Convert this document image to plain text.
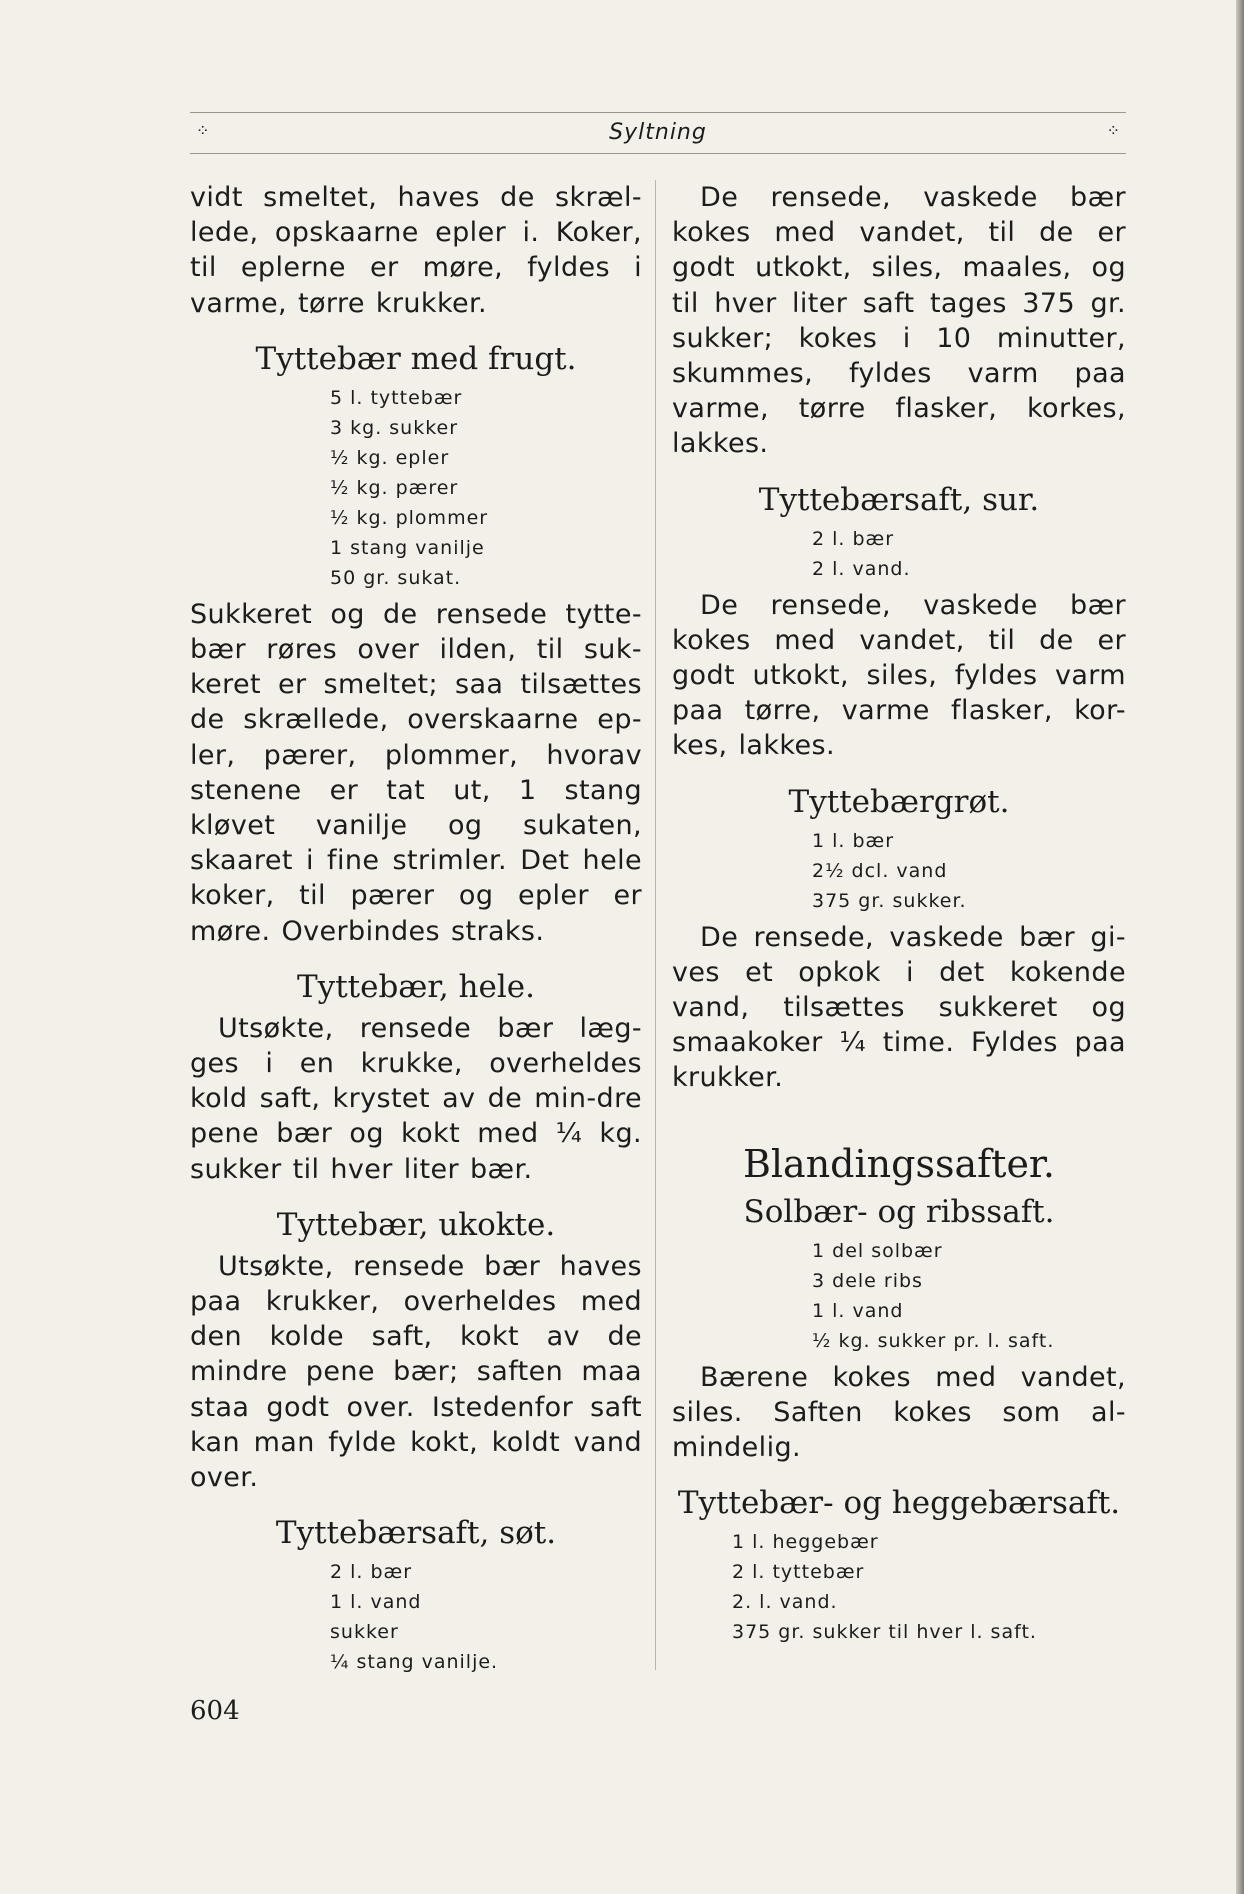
⁘	Syltning	⁘

vidt smeltet, haves de skræl-lede, opskaarne epler i. Koker, til eplerne er møre, fyldes i varme, tørre krukker.

Tyttebær med frugt.
5 l. tyttebær
3 kg. sukker
½ kg. epler
½ kg. pærer
½ kg. plommer
1 stang vanilje
50 gr. sukat.

Sukkeret og de rensede tytte-bær røres over ilden, til suk-keret er smeltet; saa tilsættes de skrællede, overskaarne ep-ler, pærer, plommer, hvorav stenene er tat ut, 1 stang kløvet vanilje og sukaten, skaaret i fine strimler. Det hele koker, til pærer og epler er møre. Overbindes straks.

Tyttebær, hele.

Utsøkte, rensede bær læg-ges i en krukke, overheldes kold saft, krystet av de min-dre pene bær og kokt med ¼ kg. sukker til hver liter bær.

Tyttebær, ukokte.

Utsøkte, rensede bær haves paa krukker, overheldes med den kolde saft, kokt av de mindre pene bær; saften maa staa godt over. Istedenfor saft kan man fylde kokt, koldt vand over.

Tyttebærsaft, søt.
2 l. bær
1 l. vand
sukker
¼ stang vanilje.

De rensede, vaskede bær kokes med vandet, til de er godt utkokt, siles, maales, og til hver liter saft tages 375 gr. sukker; kokes i 10 minutter, skummes, fyldes varm paa varme, tørre flasker, korkes, lakkes.

Tyttebærsaft, sur.
2 l. bær
2 l. vand.

De rensede, vaskede bær kokes med vandet, til de er godt utkokt, siles, fyldes varm paa tørre, varme flasker, kor-kes, lakkes.

Tyttebærgrøt.
1 l. bær
2½ dcl. vand
375 gr. sukker.

De rensede, vaskede bær gi-ves et opkok i det kokende vand, tilsættes sukkeret og smaakoker ¼ time. Fyldes paa krukker.

Blandingssafter.
Solbær- og ribssaft.
1 del solbær
3 dele ribs
1 l. vand
½ kg. sukker pr. l. saft.

Bærene kokes med vandet, siles. Saften kokes som al-mindelig.

Tyttebær- og heggebærsaft.
1 l. heggebær
2 l. tyttebær
2. l. vand.
375 gr. sukker til hver l. saft.
604
